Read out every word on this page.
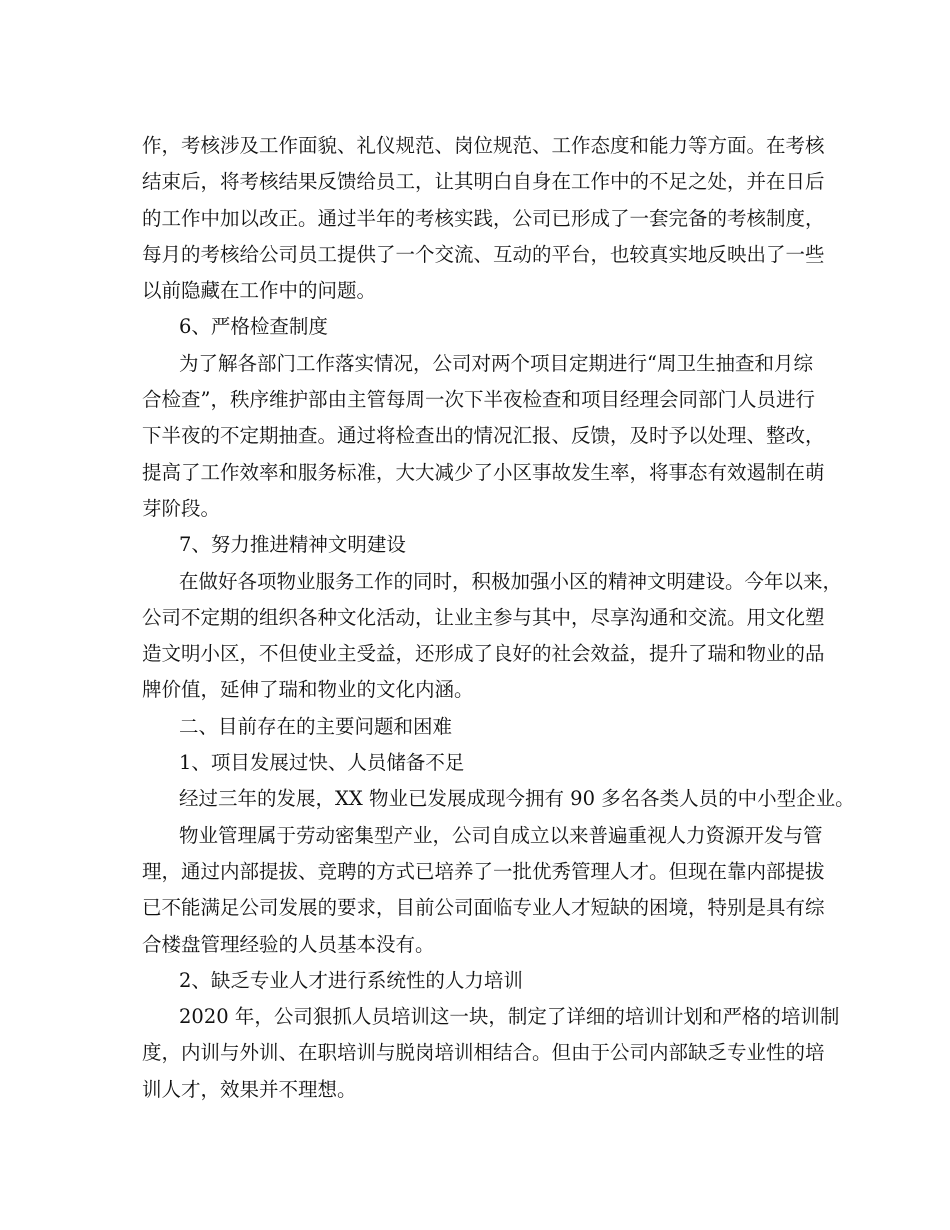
作，考核涉及工作面貌、礼仪规范、岗位规范、工作态度和能力等方面。在考核
结束后，将考核结果反馈给员工，让其明白自身在工作中的不足之处，并在日后
的工作中加以改正。通过半年的考核实践，公司已形成了一套完备的考核制度，
每月的考核给公司员工提供了一个交流、互动的平台，也较真实地反映出了一些
以前隐藏在工作中的问题。
6、严格检查制度
为了解各部门工作落实情况，公司对两个项目定期进行“周卫生抽查和月综
合检查”，秩序维护部由主管每周一次下半夜检查和项目经理会同部门人员进行
下半夜的不定期抽查。通过将检查出的情况汇报、反馈，及时予以处理、整改，
提高了工作效率和服务标准，大大减少了小区事故发生率，将事态有效遏制在萌
芽阶段。
7、努力推进精神文明建设
在做好各项物业服务工作的同时，积极加强小区的精神文明建设。今年以来，
公司不定期的组织各种文化活动，让业主参与其中，尽享沟通和交流。用文化塑
造文明小区，不但使业主受益，还形成了良好的社会效益，提升了瑞和物业的品
牌价值，延伸了瑞和物业的文化内涵。
二、目前存在的主要问题和困难
1、项目发展过快、人员储备不足
经过三年的发展，XX 物业已发展成现今拥有 90 多名各类人员的中小型企业。
物业管理属于劳动密集型产业，公司自成立以来普遍重视人力资源开发与管
理，通过内部提拔、竞聘的方式已培养了一批优秀管理人才。但现在靠内部提拔
已不能满足公司发展的要求，目前公司面临专业人才短缺的困境，特别是具有综
合楼盘管理经验的人员基本没有。
2、缺乏专业人才进行系统性的人力培训
2020 年，公司狠抓人员培训这一块，制定了详细的培训计划和严格的培训制
度，内训与外训、在职培训与脱岗培训相结合。但由于公司内部缺乏专业性的培
训人才，效果并不理想。
